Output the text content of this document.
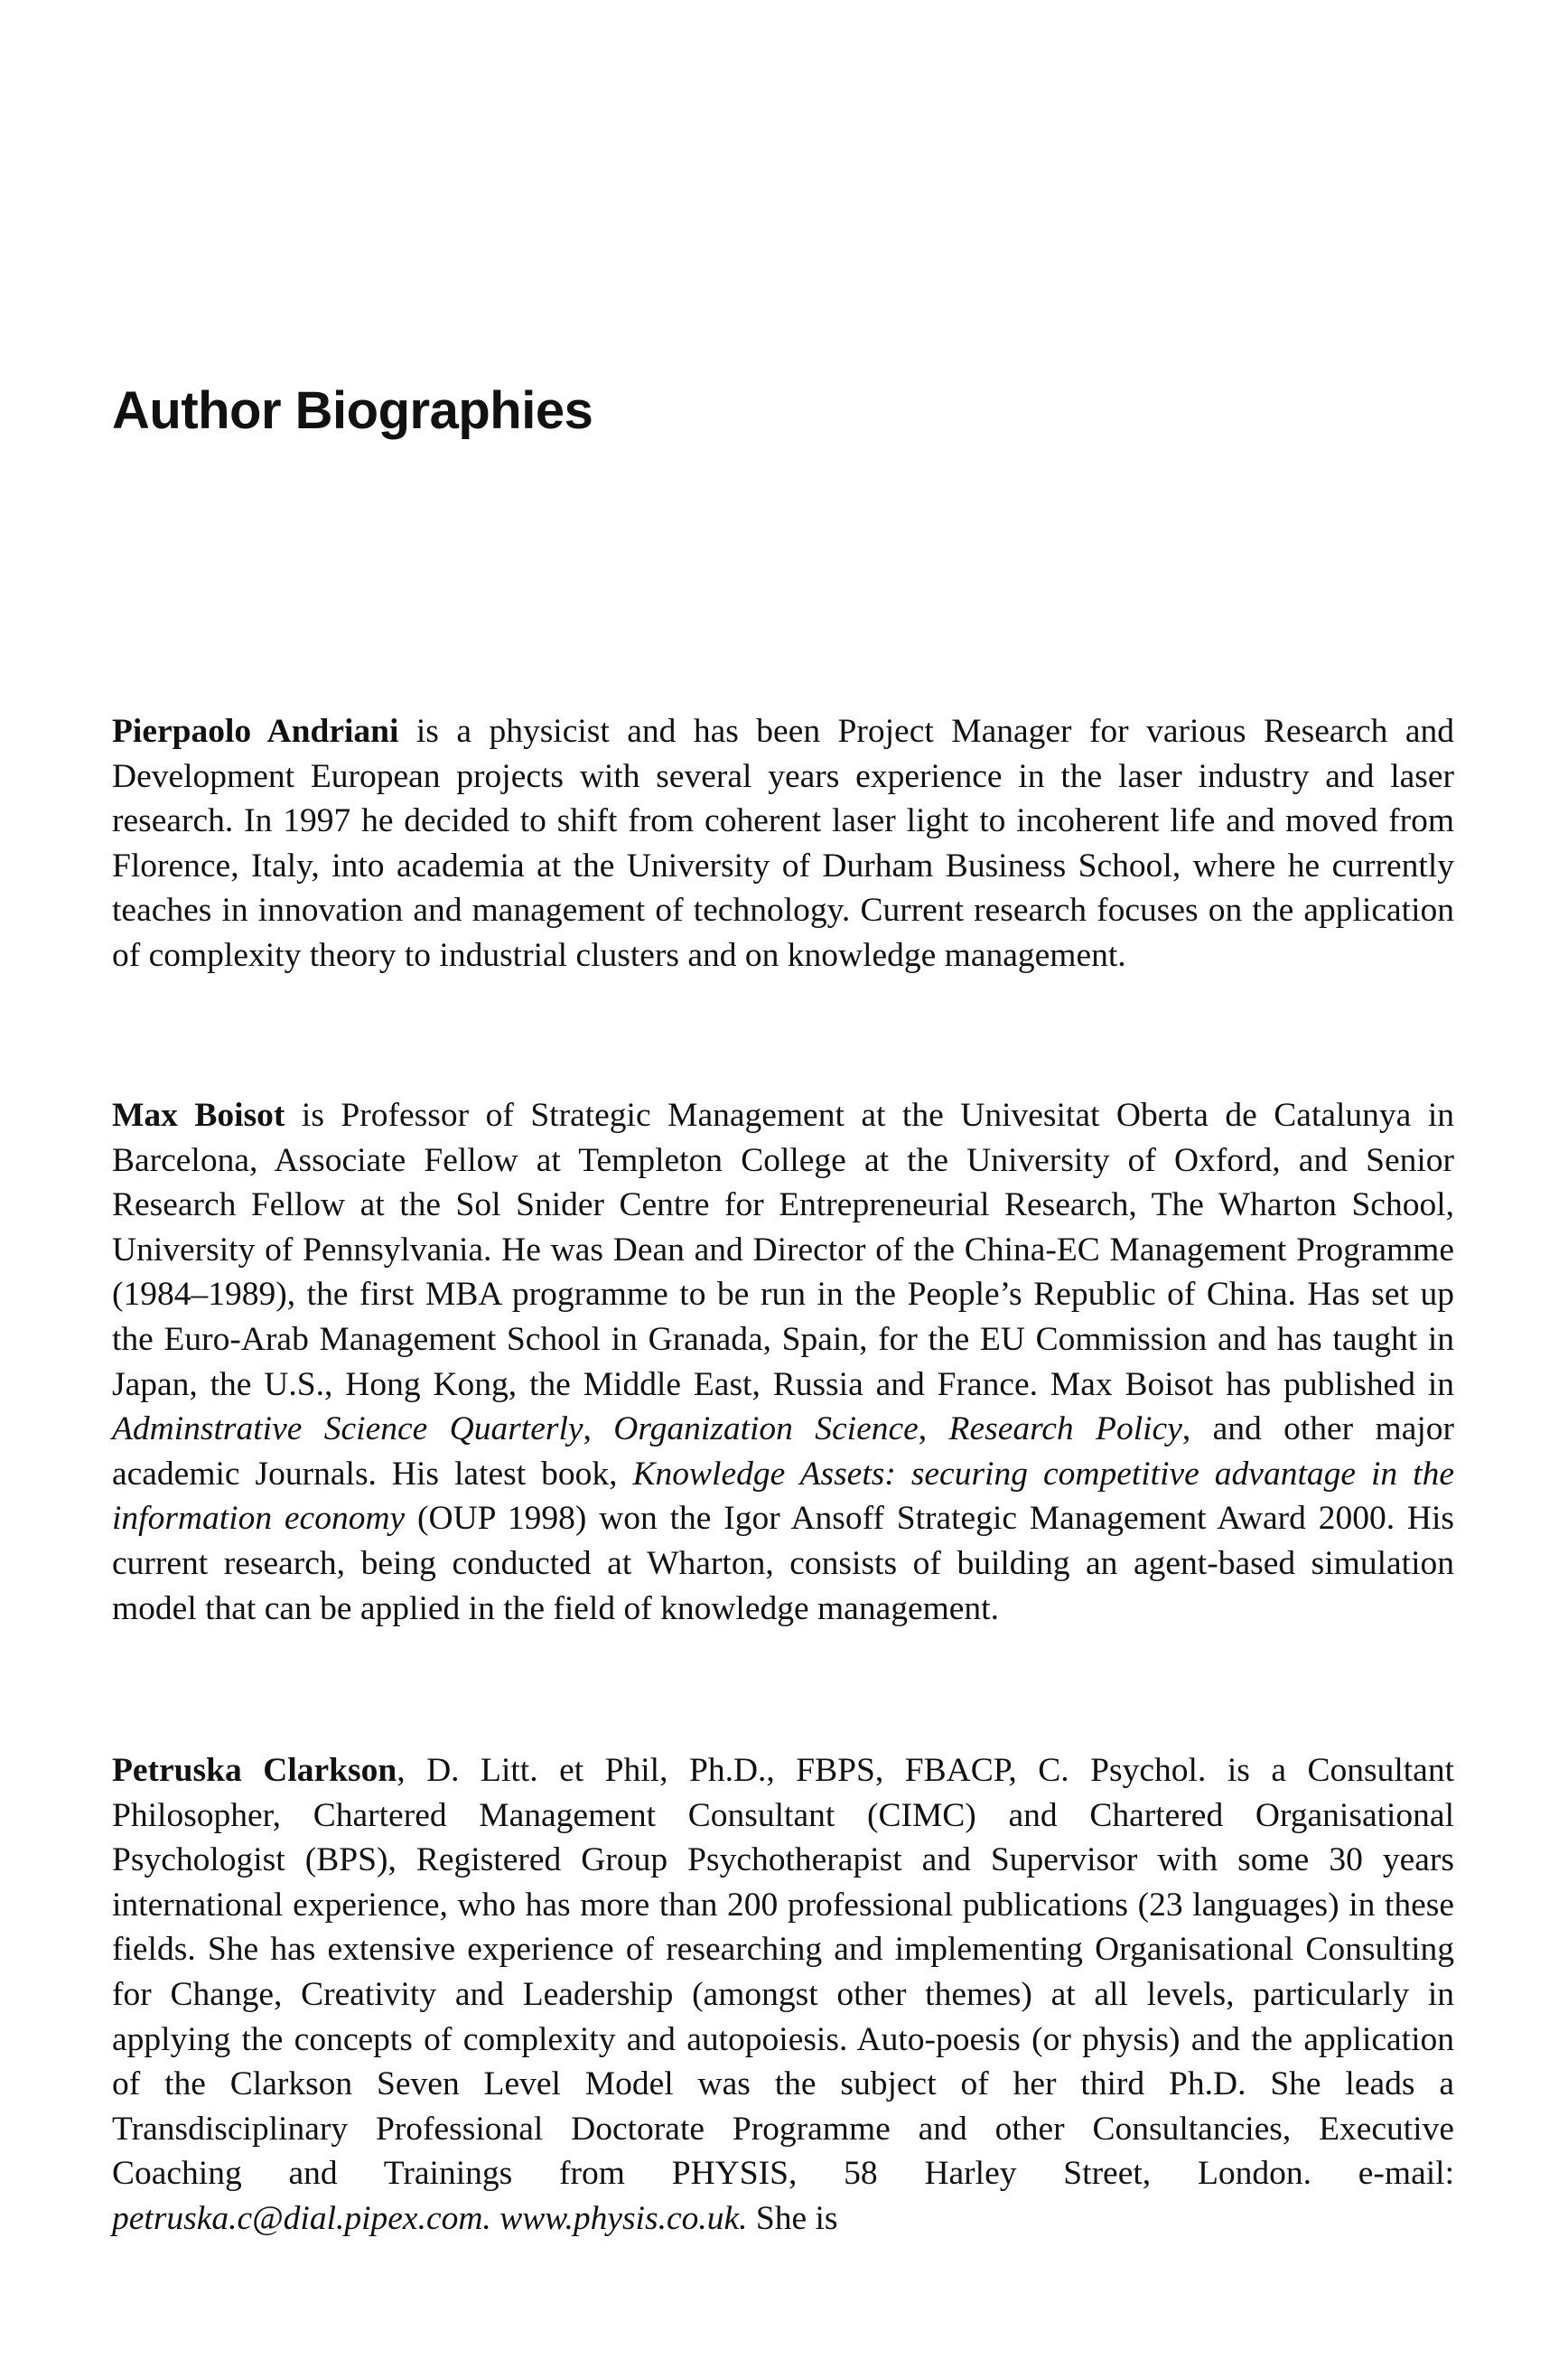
Author Biographies

Pierpaolo Andriani is a physicist and has been Project Manager for various Research and Development European projects with several years experience in the laser industry and laser research. In 1997 he decided to shift from coherent laser light to incoherent life and moved from Florence, Italy, into academia at the University of Durham Business School, where he currently teaches in innovation and management of technology. Current research focuses on the application of complexity theory to industrial clusters and on knowledge management.

Max Boisot is Professor of Strategic Management at the Univesitat Oberta de Catalunya in Barcelona, Associate Fellow at Templeton College at the University of Oxford, and Senior Research Fellow at the Sol Snider Centre for Entrepreneurial Research, The Wharton School, University of Pennsylvania. He was Dean and Director of the China-EC Management Programme (1984–1989), the first MBA programme to be run in the People’s Republic of China. Has set up the Euro-Arab Management School in Granada, Spain, for the EU Commission and has taught in Japan, the U.S., Hong Kong, the Middle East, Russia and France. Max Boisot has published in Adminstrative Science Quarterly, Organization Science, Research Policy, and other major academic Journals. His latest book, Knowledge Assets: securing competitive advantage in the information economy (OUP 1998) won the Igor Ansoff Strategic Management Award 2000. His current research, being conducted at Wharton, consists of building an agent-based simulation model that can be applied in the field of knowledge management.

Petruska Clarkson, D. Litt. et Phil, Ph.D., FBPS, FBACP, C. Psychol. is a Consultant Philosopher, Chartered Management Consultant (CIMC) and Chartered Organisational Psychologist (BPS), Registered Group Psychotherapist and Supervisor with some 30 years international experience, who has more than 200 professional publications (23 languages) in these fields. She has extensive experience of researching and implementing Organisational Consulting for Change, Creativity and Leadership (amongst other themes) at all levels, particularly in applying the concepts of complexity and autopoiesis. Auto-poesis (or physis) and the application of the Clarkson Seven Level Model was the subject of her third Ph.D. She leads a Transdisciplinary Professional Doctorate Programme and other Consultancies, Executive Coaching and Trainings from PHYSIS, 58 Harley Street, London. e-mail: petruska.c@dial.pipex.com. www.physis.co.uk. She is
